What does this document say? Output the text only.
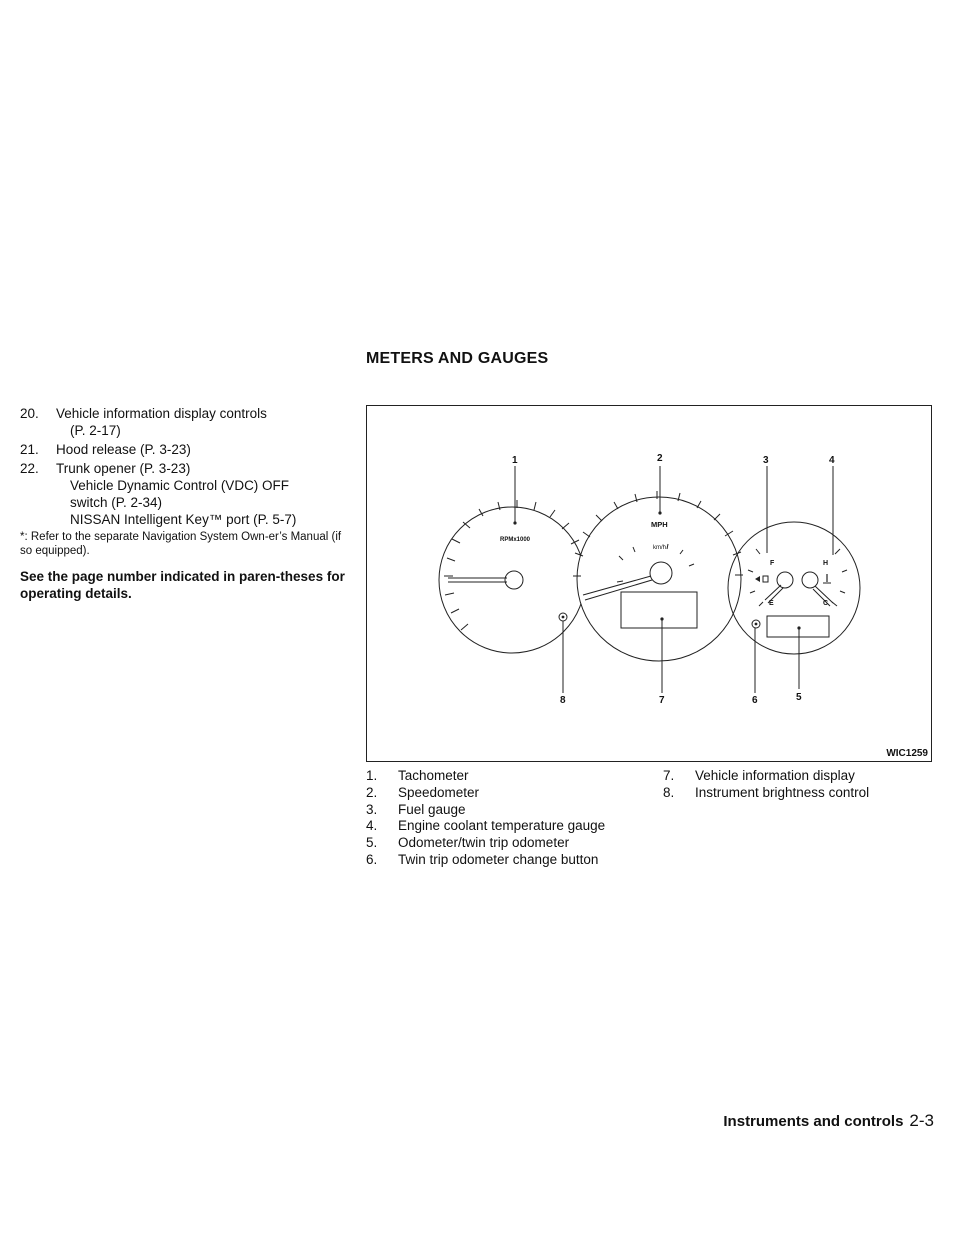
METERS AND GAUGES
20. Vehicle information display controls
(P. 2-17)
21. Hood release (P. 3-23)
22. Trunk opener (P. 3-23)
Vehicle Dynamic Control (VDC) OFF
switch (P. 2-34)
NISSAN Intelligent Key™ port (P. 5-7)
*: Refer to the separate Navigation System Own-er’s Manual (if so equipped).
See the page number indicated in paren-theses for operating details.
1	2	3	4
5
6
7
8
RPMx1000
MPH
km/h
F
E
H
C
WIC1259
1. Tachometer
2. Speedometer
3. Fuel gauge
4. Engine coolant temperature gauge
5. Odometer/twin trip odometer
6. Twin trip odometer change button
7. Vehicle information display
8. Instrument brightness control
Instruments and controls 2-3
